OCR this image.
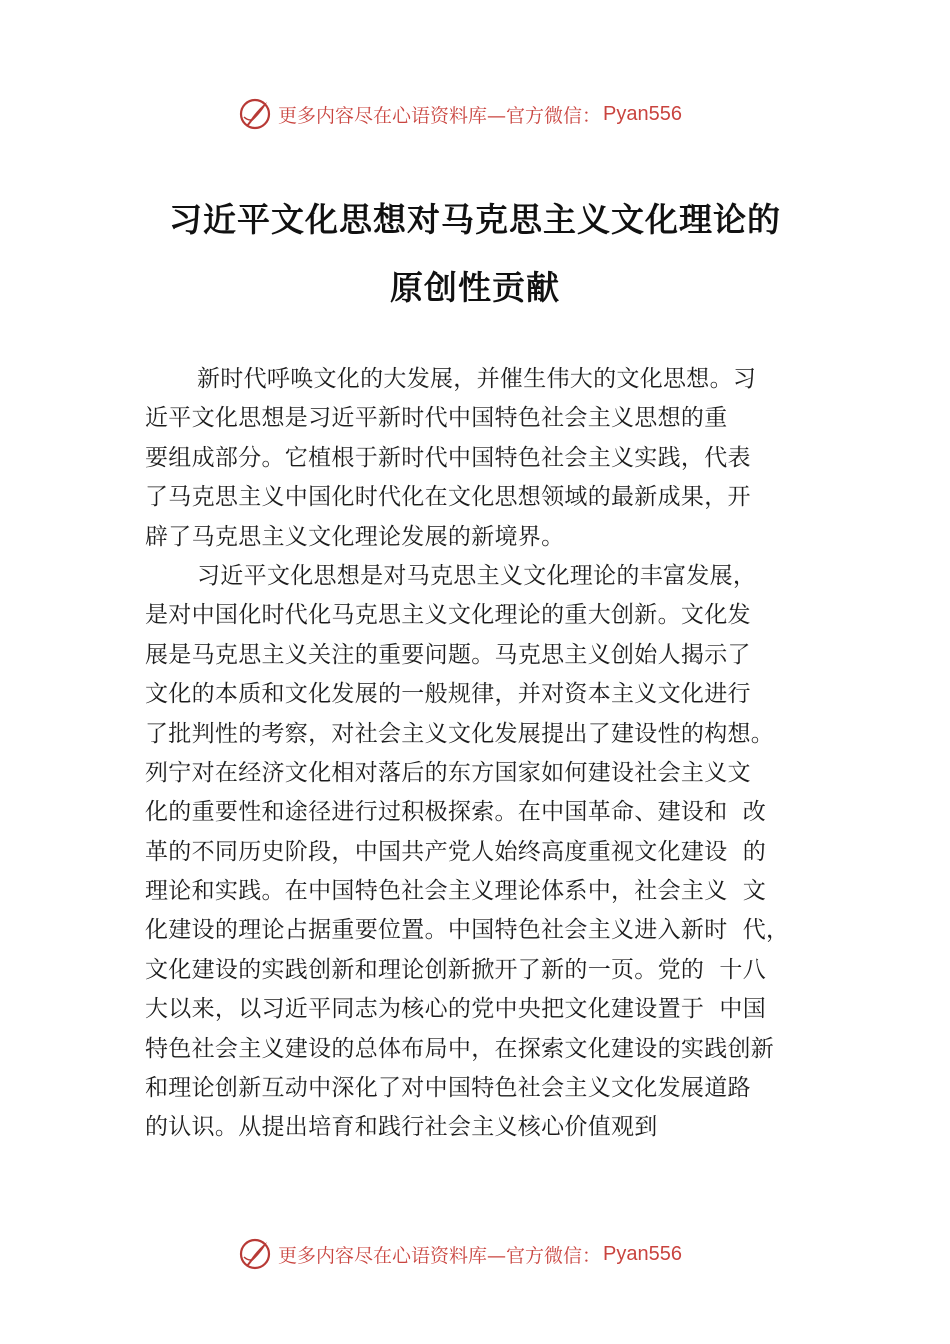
更多内容尽在心语资料库—官方微信： Pyan556
习近平文化思想对马克思主义文化理论的
原创性贡献
新时代呼唤文化的大发展，并催生伟大的文化思想。习
近平文化思想是习近平新时代中国特色社会主义思想的重
要组成部分。它植根于新时代中国特色社会主义实践，代表
了马克思主义中国化时代化在文化思想领域的最新成果，开
辟了马克思主义文化理论发展的新境界。
习近平文化思想是对马克思主义文化理论的丰富发展，
是对中国化时代化马克思主义文化理论的重大创新。文化发
展是马克思主义关注的重要问题。马克思主义创始人揭示了
文化的本质和文化发展的一般规律，并对资本主义文化进行
了批判性的考察，对社会主义文化发展提出了建设性的构想。
列宁对在经济文化相对落后的东方国家如何建设社会主义文
化的重要性和途径进行过积极探索。在中国革命、建设和  改
革的不同历史阶段，中国共产党人始终高度重视文化建设  的
理论和实践。在中国特色社会主义理论体系中，社会主义  文
化建设的理论占据重要位置。中国特色社会主义进入新时  代，
文化建设的实践创新和理论创新掀开了新的一页。党的  十八
大以来，以习近平同志为核心的党中央把文化建设置于  中国
特色社会主义建设的总体布局中，在探索文化建设的实践创新
和理论创新互动中深化了对中国特色社会主义文化发展道路
的认识。从提出培育和践行社会主义核心价值观到
更多内容尽在心语资料库—官方微信： Pyan556
